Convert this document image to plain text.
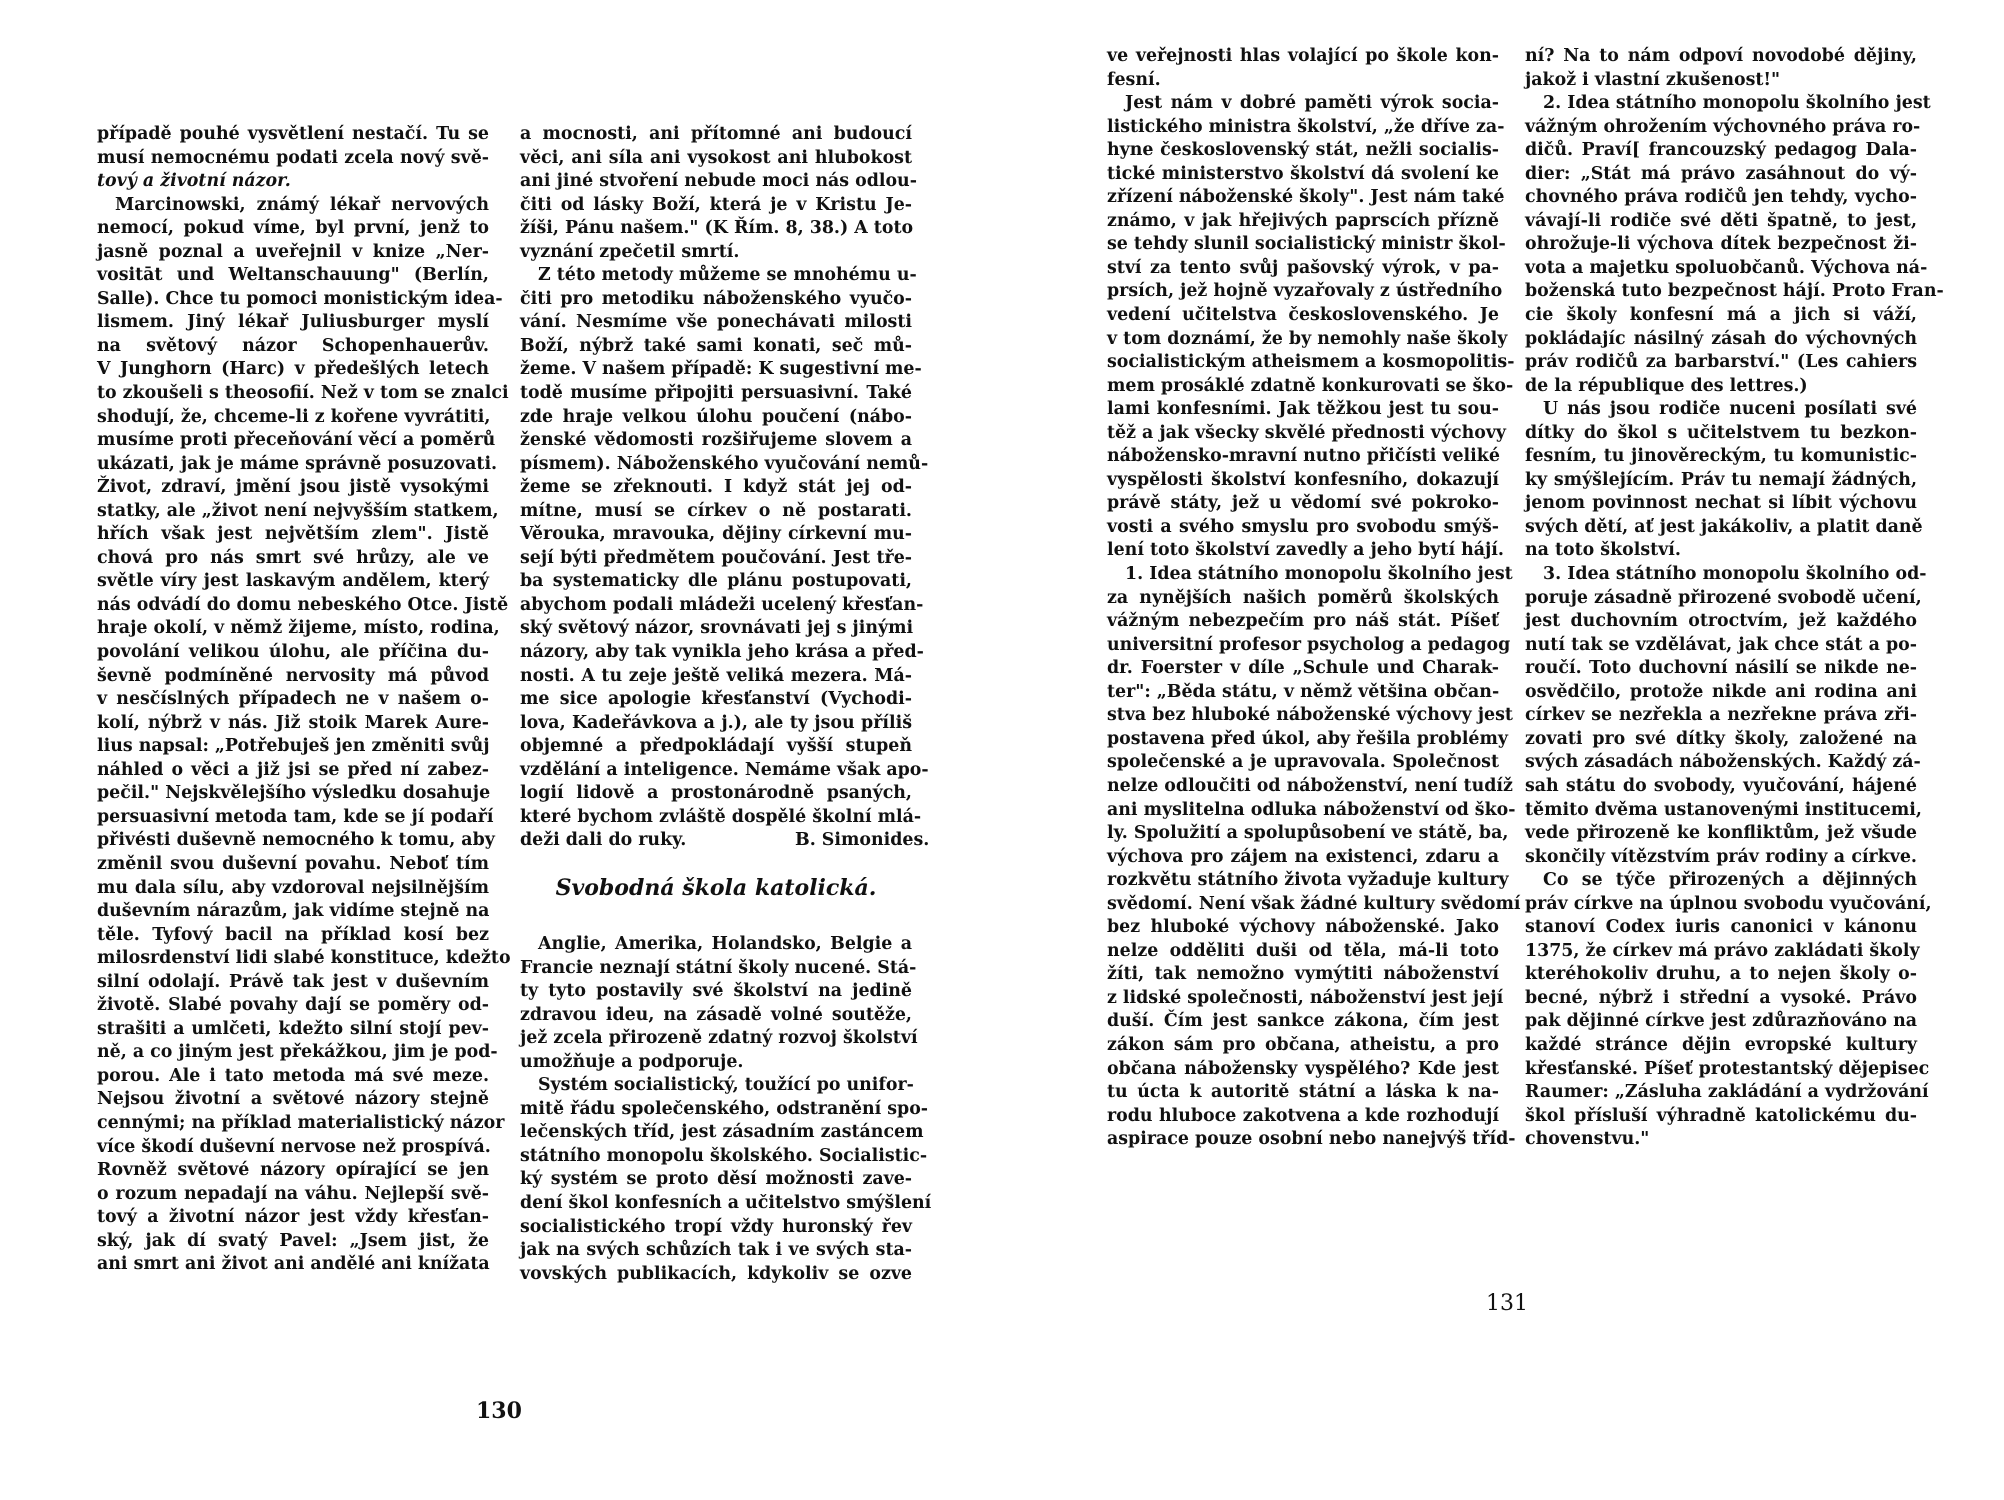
případě pouhé vysvětlení nestačí. Tu se
musí nemocnému podati zcela nový svě-
tový a životní názor.
Marcinowski, známý lékař nervových
nemocí, pokud víme, byl první, jenž to
jasně poznal a uveřejnil v knize „Ner-
vositāt und Weltanschauung" (Berlín,
Salle). Chce tu pomoci monistickým idea-
lismem. Jiný lékař Juliusburger myslí
na světový názor Schopenhauerův.
V Junghorn (Harc) v předešlých letech
to zkoušeli s theosofií. Než v tom se znalci
shodují, že, chceme-li z kořene vyvrátiti,
musíme proti přeceňování věcí a poměrů
ukázati, jak je máme správně posuzovati.
Život, zdraví, jmění jsou jistě vysokými
statky, ale „život není nejvyšším statkem,
hřích však jest největším zlem". Jistě
chová pro nás smrt své hrůzy, ale ve
světle víry jest laskavým andělem, který
nás odvádí do domu nebeského Otce. Jistě
hraje okolí, v němž žijeme, místo, rodina,
povolání velikou úlohu, ale příčina du-
ševně podmíněné nervosity má původ
v nesčíslných případech ne v našem o-
kolí, nýbrž v nás. Již stoik Marek Aure-
lius napsal: „Potřebuješ jen změniti svůj
náhled o věci a již jsi se před ní zabez-
pečil." Nejskvělejšího výsledku dosahuje
persuasivní metoda tam, kde se jí podaří
přivésti duševně nemocného k tomu, aby
změnil svou duševní povahu. Neboť tím
mu dala sílu, aby vzdoroval nejsilnějším
duševním nárazům, jak vidíme stejně na
těle. Tyfový bacil na příklad kosí bez
milosrdenství lidi slabé konstituce, kdežto
silní odolají. Právě tak jest v duševním
životě. Slabé povahy dají se poměry od-
strašiti a umlčeti, kdežto silní stojí pev-
ně, a co jiným jest překážkou, jim je pod-
porou. Ale i tato metoda má své meze.
Nejsou životní a světové názory stejně
cennými; na příklad materialistický názor
více škodí duševní nervose než prospívá.
Rovněž světové názory opírající se jen
o rozum nepadají na váhu. Nejlepší svě-
tový a životní názor jest vždy křesťan-
ský, jak dí svatý Pavel: „Jsem jist, že
ani smrt ani život ani andělé ani knížata
a mocnosti, ani přítomné ani budoucí
věci, ani síla ani vysokost ani hlubokost
ani jiné stvoření nebude moci nás odlou-
čiti od lásky Boží, která je v Kristu Je-
žíši, Pánu našem." (K Řím. 8, 38.) A toto
vyznání zpečetil smrtí.
Z této metody můžeme se mnohému u-
čiti pro metodiku náboženského vyučo-
vání. Nesmíme vše ponechávati milosti
Boží, nýbrž také sami konati, seč mů-
žeme. V našem případě: K sugestivní me-
todě musíme připojiti persuasivní. Také
zde hraje velkou úlohu poučení (nábo-
ženské vědomosti rozšiřujeme slovem a
písmem). Náboženského vyučování nemů-
žeme se zřeknouti. I když stát jej od-
mítne, musí se církev o ně postarati.
Věrouka, mravouka, dějiny církevní mu-
sejí býti předmětem poučování. Jest tře-
ba systematicky dle plánu postupovati,
abychom podali mládeži ucelený křesťan-
ský světový názor, srovnávati jej s jinými
názory, aby tak vynikla jeho krása a před-
nosti. A tu zeje ještě veliká mezera. Má-
me sice apologie křesťanství (Vychodi-
lova, Kadeřávkova a j.), ale ty jsou příliš
objemné a předpokládají vyšší stupeň
vzdělání a inteligence. Nemáme však apo-
logií lidově a prostonárodně psaných,
které bychom zvláště dospělé školní mlá-
deži dali do ruky.	B. Simonides.
Svobodná škola katolická.
Anglie, Amerika, Holandsko, Belgie a
Francie neznají státní školy nucené. Stá-
ty tyto postavily své školství na jedině
zdravou ideu, na zásadě volné soutěže,
jež zcela přirozeně zdatný rozvoj školství
umožňuje a podporuje.
Systém socialistický, toužící po unifor-
mitě řádu společenského, odstranění spo-
lečenských tříd, jest zásadním zastáncem
státního monopolu školského. Socialistic-
ký systém se proto děsí možnosti zave-
dení škol konfesních a učitelstvo smýšlení
socialistického tropí vždy huronský řev
jak na svých schůzích tak i ve svých sta-
vovských publikacích, kdykoliv se ozve
130
ve veřejnosti hlas volající po škole kon-
fesní.
Jest nám v dobré paměti výrok socia-
listického ministra školství, „že dříve za-
hyne československý stát, nežli socialis-
tické ministerstvo školství dá svolení ke
zřízení náboženské školy". Jest nám také
známo, v jak hřejivých paprscích přízně
se tehdy slunil socialistický ministr škol-
ství za tento svůj pašovský výrok, v pa-
prsích, jež hojně vyzařovaly z ústředního
vedení učitelstva československého. Je
v tom doznámí, že by nemohly naše školy
socialistickým atheismem a kosmopolitis-
mem prosáklé zdatně konkurovati se ško-
lami konfesními. Jak těžkou jest tu sou-
těž a jak všecky skvělé přednosti výchovy
nábožensko-mravní nutno přičísti veliké
vyspělosti školství konfesního, dokazují
právě státy, jež u vědomí své pokroko-
vosti a svého smyslu pro svobodu smýš-
lení toto školství zavedly a jeho bytí hájí.
1. Idea státního monopolu školního jest
za nynějších našich poměrů školských
vážným nebezpečím pro náš stát. Píšeť
universitní profesor psycholog a pedagog
dr. Foerster v díle „Schule und Charak-
ter": „Běda státu, v němž většina občan-
stva bez hluboké náboženské výchovy jest
postavena před úkol, aby řešila problémy
společenské a je upravovala. Společnost
nelze odloučiti od náboženství, není tudíž
ani myslitelna odluka náboženství od ško-
ly. Spolužití a spolupůsobení ve státě, ba,
výchova pro zájem na existenci, zdaru a
rozkvětu státního života vyžaduje kultury
svědomí. Není však žádné kultury svědomí
bez hluboké výchovy náboženské. Jako
nelze odděliti duši od těla, má-li toto
žíti, tak nemožno vymýtiti náboženství
z lidské společnosti, náboženství jest její
duší. Čím jest sankce zákona, čím jest
zákon sám pro občana, atheistu, a pro
občana nábožensky vyspělého? Kde jest
tu úcta k autoritě státní a láska k na-
rodu hluboce zakotvena a kde rozhodují
aspirace pouze osobní nebo nanejvýš tříd-
ní? Na to nám odpoví novodobé dějiny,
jakož i vlastní zkušenost!"
2. Idea státního monopolu školního jest
vážným ohrožením výchovného práva ro-
dičů. Praví[ francouzský pedagog Dala-
dier: „Stát má právo zasáhnout do vý-
chovného práva rodičů jen tehdy, vycho-
vávají-li rodiče své děti špatně, to jest,
ohrožuje-li výchova dítek bezpečnost ži-
vota a majetku spoluobčanů. Výchova ná-
boženská tuto bezpečnost hájí. Proto Fran-
cie školy konfesní má a jich si váží,
pokládajíc násilný zásah do výchovných
práv rodičů za barbarství." (Les cahiers
de la république des lettres.)
U nás jsou rodiče nuceni posílati své
dítky do škol s učitelstvem tu bezkon-
fesním, tu jinověreckým, tu komunistic-
ky smýšlejícím. Práv tu nemají žádných,
jenom povinnost nechat si líbit výchovu
svých dětí, ať jest jakákoliv, a platit daně
na toto školství.
3. Idea státního monopolu školního od-
poruje zásadně přirozené svobodě učení,
jest duchovním otroctvím, jež každého
nutí tak se vzdělávat, jak chce stát a po-
roučí. Toto duchovní násilí se nikde ne-
osvědčilo, protože nikde ani rodina ani
církev se nezřekla a nezřekne práva zři-
zovati pro své dítky školy, založené na
svých zásadách náboženských. Každý zá-
sah státu do svobody, vyučování, hájené
těmito dvěma ustanovenými institucemi,
vede přirozeně ke konfliktům, jež všude
skončily vítězstvím práv rodiny a církve.
Co se týče přirozených a dějinných
práv církve na úplnou svobodu vyučování,
stanoví Codex iuris canonici v kánonu
1375, že církev má právo zakládati školy
kteréhokoliv druhu, a to nejen školy o-
becné, nýbrž i střední a vysoké. Právo
pak dějinné církve jest zdůrazňováno na
každé stránce dějin evropské kultury
křesťanské. Píšeť protestantský dějepisec
Raumer: „Zásluha zakládání a vydržování
škol přísluší výhradně katolickému du-
chovenstvu."
131
